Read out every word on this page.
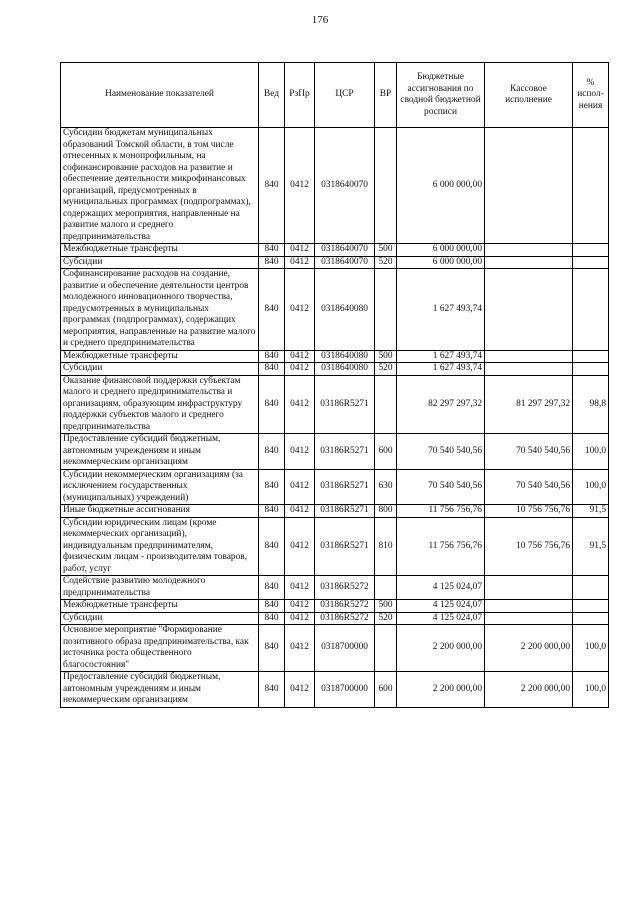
176
Наименование показателей	Вед	РзПр	ЦСР	ВР	Бюджетные ассигнования по сводной бюджетной росписи	Кассовое исполнение	% испол-нения
Субсидии бюджетам муниципальных образований Томской области, в том числе отнесенных к монопрофильным, на софинансирование расходов на развитие и обеспечение деятельности микрофинансовых организаций, предусмотренных в муниципальных программах (подпрограммах), содержащих мероприятия, направленные на развитие малого и среднего предпринимательства	840	0412	0318640070		6 000 000,00		
Межбюджетные трансферты	840	0412	0318640070	500	6 000 000,00		
Субсидии	840	0412	0318640070	520	6 000 000,00		
Софинансирование расходов на создание, развитие и обеспечение деятельности центров молодежного инновационного творчества, предусмотренных в муниципальных программах (подпрограммах), содержащих мероприятия, направленные на развитие малого и среднего предпринимательства	840	0412	0318640080		1 627 493,74		
Межбюджетные трансферты	840	0412	0318640080	500	1 627 493,74		
Субсидии	840	0412	0318640080	520	1 627 493,74		
Оказание финансовой поддержки субъектам малого и среднего предпринимательства и организациям, образующим инфраструктуру поддержки субъектов малого и среднего предпринимательства	840	0412	03186R5271		82 297 297,32	81 297 297,32	98,8
Предоставление субсидий бюджетным, автономным учреждениям и иным некоммерческим организациям	840	0412	03186R5271	600	70 540 540,56	70 540 540,56	100,0
Субсидии некоммерческим организациям (за исключением государственных (муниципальных) учреждений)	840	0412	03186R5271	630	70 540 540,56	70 540 540,56	100,0
Иные бюджетные ассигнования	840	0412	03186R5271	800	11 756 756,76	10 756 756,76	91,5
Субсидии юридическим лицам (кроме некоммерческих организаций), индивидуальным предпринимателям, физическим лицам - производителям товаров, работ, услуг	840	0412	03186R5271	810	11 756 756,76	10 756 756,76	91,5
Содействие развитию молодежного предпринимательства	840	0412	03186R5272		4 125 024,07		
Межбюджетные трансферты	840	0412	03186R5272	500	4 125 024,07		
Субсидии	840	0412	03186R5272	520	4 125 024,07		
Основное мероприятие "Формирование позитивного образа предпринимательства, как источника роста общественного благосостояния"	840	0412	0318700000		2 200 000,00	2 200 000,00	100,0
Предоставление субсидий бюджетным, автономным учреждениям и иным некоммерческим организациям	840	0412	0318700000	600	2 200 000,00	2 200 000,00	100,0
